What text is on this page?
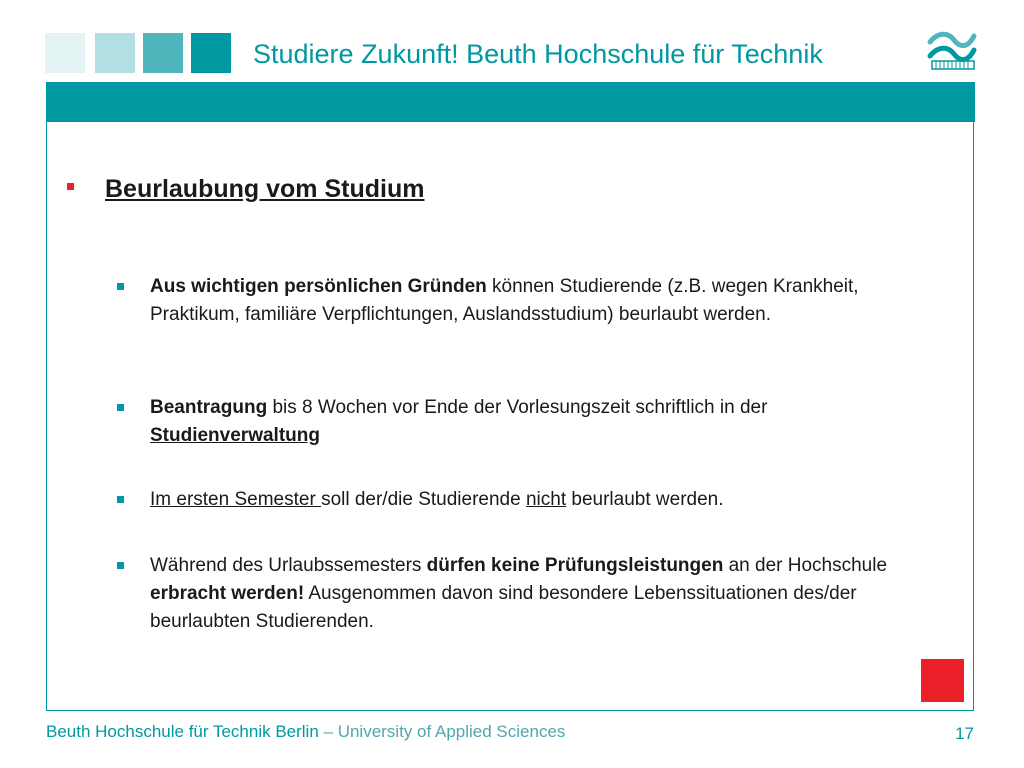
Studiere Zukunft! Beuth Hochschule für Technik
Beurlaubung vom Studium
Aus wichtigen persönlichen Gründen können Studierende (z.B. wegen Krankheit, Praktikum, familiäre Verpflichtungen, Auslandsstudium) beurlaubt werden.
Beantragung bis 8 Wochen vor Ende der Vorlesungszeit schriftlich in der Studienverwaltung
Im ersten Semester soll der/die Studierende nicht beurlaubt werden.
Während des Urlaubssemesters dürfen keine Prüfungsleistungen an der Hochschule erbracht werden! Ausgenommen davon sind besondere Lebenssituationen des/der beurlaubten Studierenden.
Beuth Hochschule für Technik Berlin – University of Applied Sciences	17
